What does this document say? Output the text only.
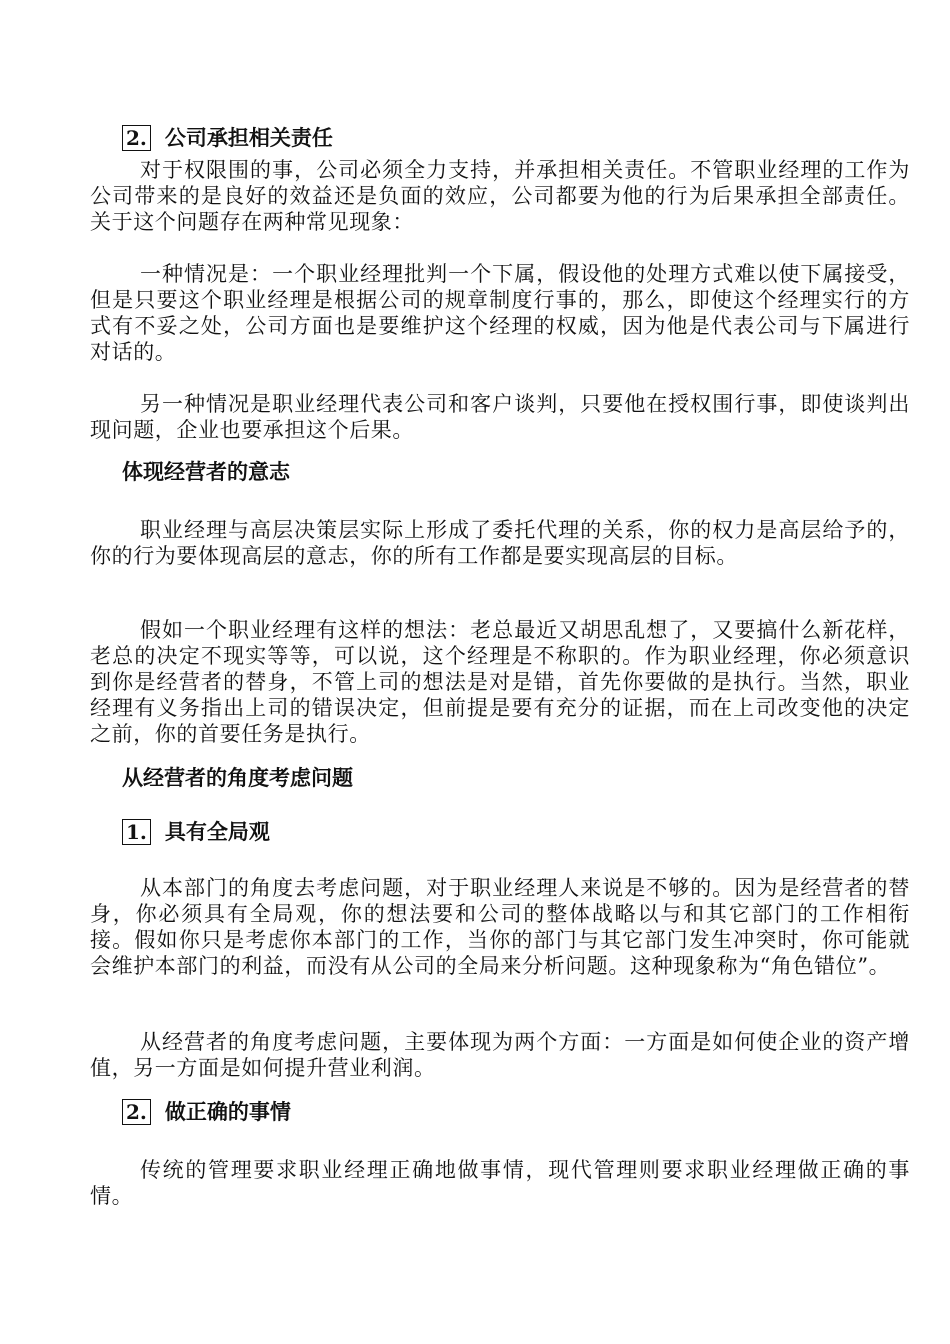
2. 公司承担相关责任

对于权限围的事，公司必须全力支持，并承担相关责任。不管职业经理的工作为公司带来的是良好的效益还是负面的效应，公司都要为他的行为后果承担全部责任。关于这个问题存在两种常见现象：

一种情况是：一个职业经理批判一个下属，假设他的处理方式难以使下属接受，但是只要这个职业经理是根据公司的规章制度行事的，那么，即使这个经理实行的方式有不妥之处，公司方面也是要维护这个经理的权威，因为他是代表公司与下属进行对话的。

另一种情况是职业经理代表公司和客户谈判，只要他在授权围行事，即使谈判出现问题，企业也要承担这个后果。

体现经营者的意志

职业经理与高层决策层实际上形成了委托代理的关系，你的权力是高层给予的，你的行为要体现高层的意志，你的所有工作都是要实现高层的目标。

假如一个职业经理有这样的想法：老总最近又胡思乱想了，又要搞什么新花样，老总的决定不现实等等，可以说，这个经理是不称职的。作为职业经理，你必须意识到你是经营者的替身，不管上司的想法是对是错，首先你要做的是执行。当然，职业经理有义务指出上司的错误决定，但前提是要有充分的证据，而在上司改变他的决定之前，你的首要任务是执行。

从经营者的角度考虑问题
1. 具有全局观

从本部门的角度去考虑问题，对于职业经理人来说是不够的。因为是经营者的替身，你必须具有全局观，你的想法要和公司的整体战略以与和其它部门的工作相衔接。假如你只是考虑你本部门的工作，当你的部门与其它部门发生冲突时，你可能就会维护本部门的利益，而没有从公司的全局来分析问题。这种现象称为“角色错位”。

从经营者的角度考虑问题，主要体现为两个方面：一方面是如何使企业的资产增值，另一方面是如何提升营业利润。

2. 做正确的事情

传统的管理要求职业经理正确地做事情，现代管理则要求职业经理做正确的事情。
